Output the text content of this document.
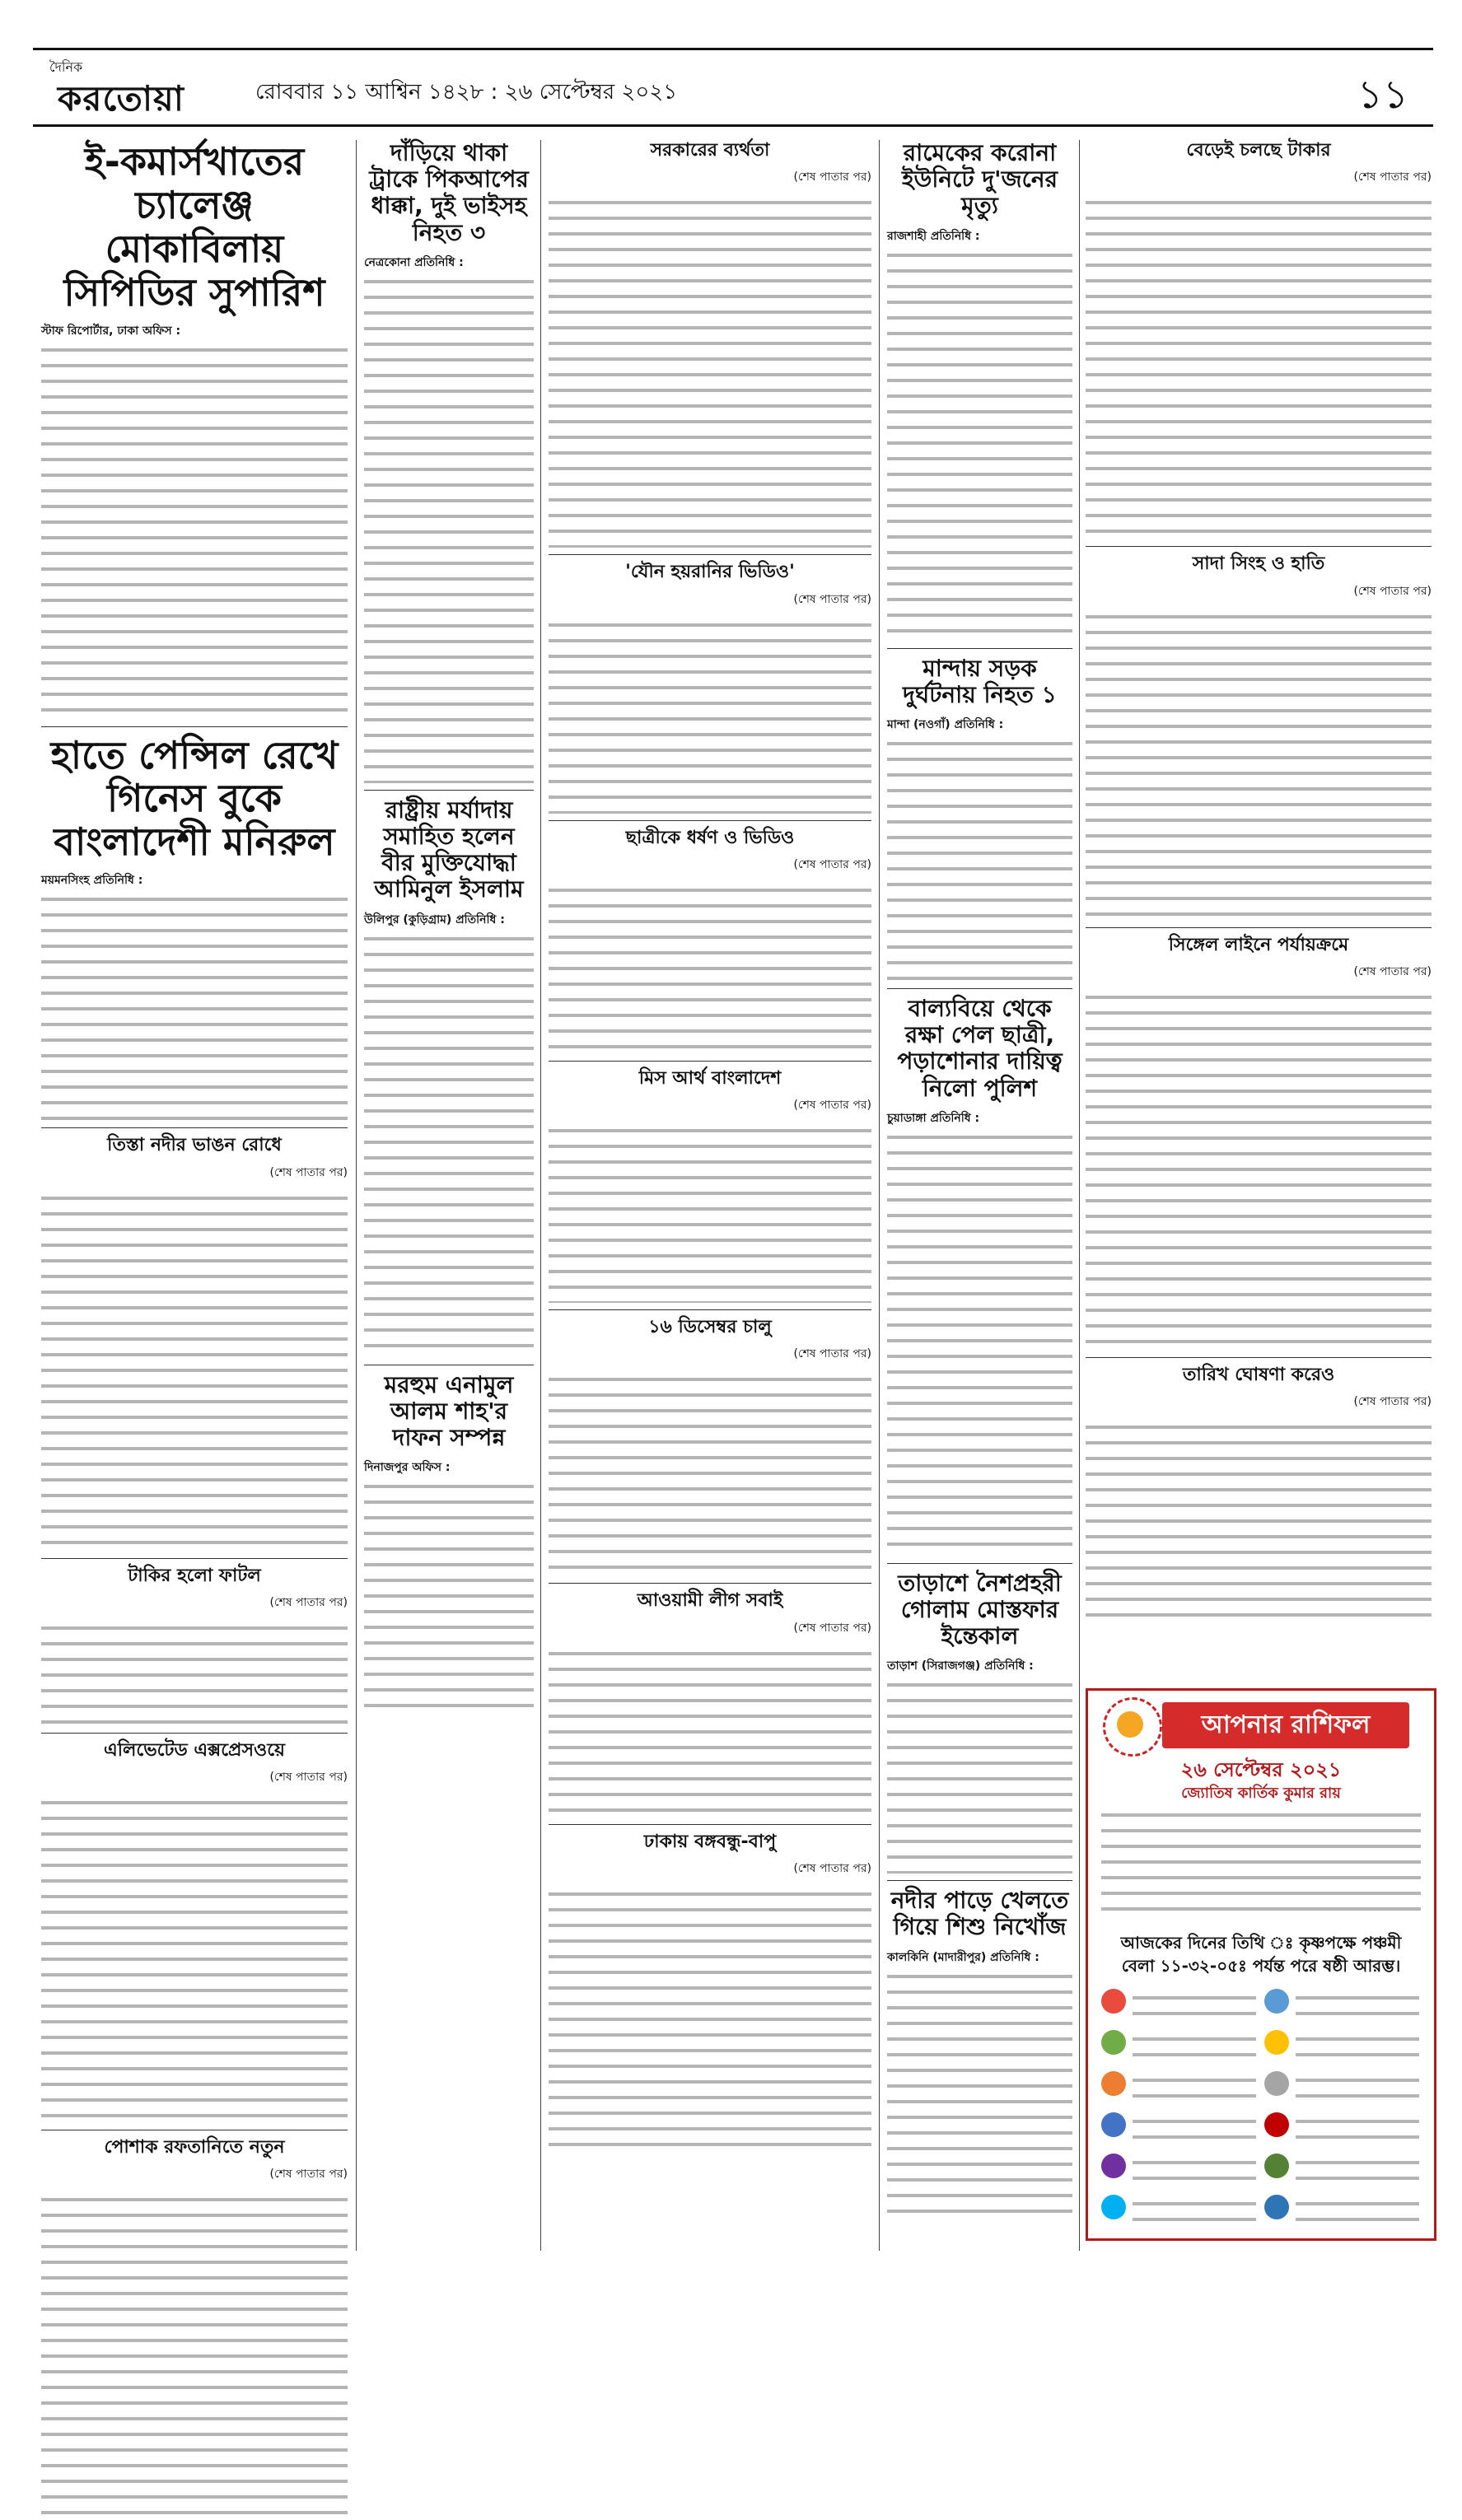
দৈনিক
করতোয়া	রোববার ১১ আশ্বিন ১৪২৮ : ২৬ সেপ্টেম্বর ২০২১	১১
ই-কমার্সখাতের চ্যালেঞ্জ মোকাবিলায় সিপিডির সুপারিশ
স্টাফ রিপোর্টার, ঢাকা অফিস :
হাতে পেন্সিল রেখে গিনেস বুকে বাংলাদেশী মনিরুল
ময়মনসিংহ প্রতিনিধি :
তিস্তা নদীর ভাঙন রোধে
(শেষ পাতার পর)
টাকির হলো ফাটল
(শেষ পাতার পর)
এলিভেটেড এক্সপ্রেসওয়ে
(শেষ পাতার পর)
পোশাক রফতানিতে নতুন
(শেষ পাতার পর)
দাঁড়িয়ে থাকা ট্রাকে পিকআপের ধাক্কা, দুই ভাইসহ নিহত ৩
নেত্রকোনা প্রতিনিধি :
রাষ্ট্রীয় মর্যাদায় সমাহিত হলেন বীর মুক্তিযোদ্ধা আমিনুল ইসলাম
উলিপুর (কুড়িগ্রাম) প্রতিনিধি :
মরহুম এনামুল আলম শাহ'র দাফন সম্পন্ন
দিনাজপুর অফিস :
সরকারের ব্যর্থতা
(শেষ পাতার পর)
'যৌন হয়রানির ভিডিও'
(শেষ পাতার পর)
ছাত্রীকে ধর্ষণ ও ভিডিও
(শেষ পাতার পর)
মিস আর্থ বাংলাদেশ
(শেষ পাতার পর)
১৬ ডিসেম্বর চালু
(শেষ পাতার পর)
আওয়ামী লীগ সবাই
(শেষ পাতার পর)
ঢাকায় বঙ্গবন্ধু-বাপু
(শেষ পাতার পর)
রামেকের করোনা ইউনিটে দু'জনের মৃত্যু
রাজশাহী প্রতিনিধি :
মান্দায় সড়ক দুর্ঘটনায় নিহত ১
মান্দা (নওগাঁ) প্রতিনিধি :
বাল্যবিয়ে থেকে রক্ষা পেল ছাত্রী, পড়াশোনার দায়িত্ব নিলো পুলিশ
চুয়াডাঙ্গা প্রতিনিধি :
তাড়াশে নৈশপ্রহরী গোলাম মোস্তফার ইন্তেকাল
তাড়াশ (সিরাজগঞ্জ) প্রতিনিধি :
নদীর পাড়ে খেলতে গিয়ে শিশু নিখোঁজ
কালকিনি (মাদারীপুর) প্রতিনিধি :
বেড়েই চলছে টাকার
(শেষ পাতার পর)
সাদা সিংহ ও হাতি
(শেষ পাতার পর)
সিঙ্গেল লাইনে পর্যায়ক্রমে
(শেষ পাতার পর)
তারিখ ঘোষণা করেও
(শেষ পাতার পর)
আপনার রাশিফল
২৬ সেপ্টেম্বর ২০২১
জ্যোতিষ কার্তিক কুমার রায়
আজকের দিনের তিথি ঃ কৃষ্ণপক্ষে পঞ্চমী
বেলা ১১-৩২-০৫ঃ পর্যন্ত পরে ষষ্ঠী আরম্ভ।
